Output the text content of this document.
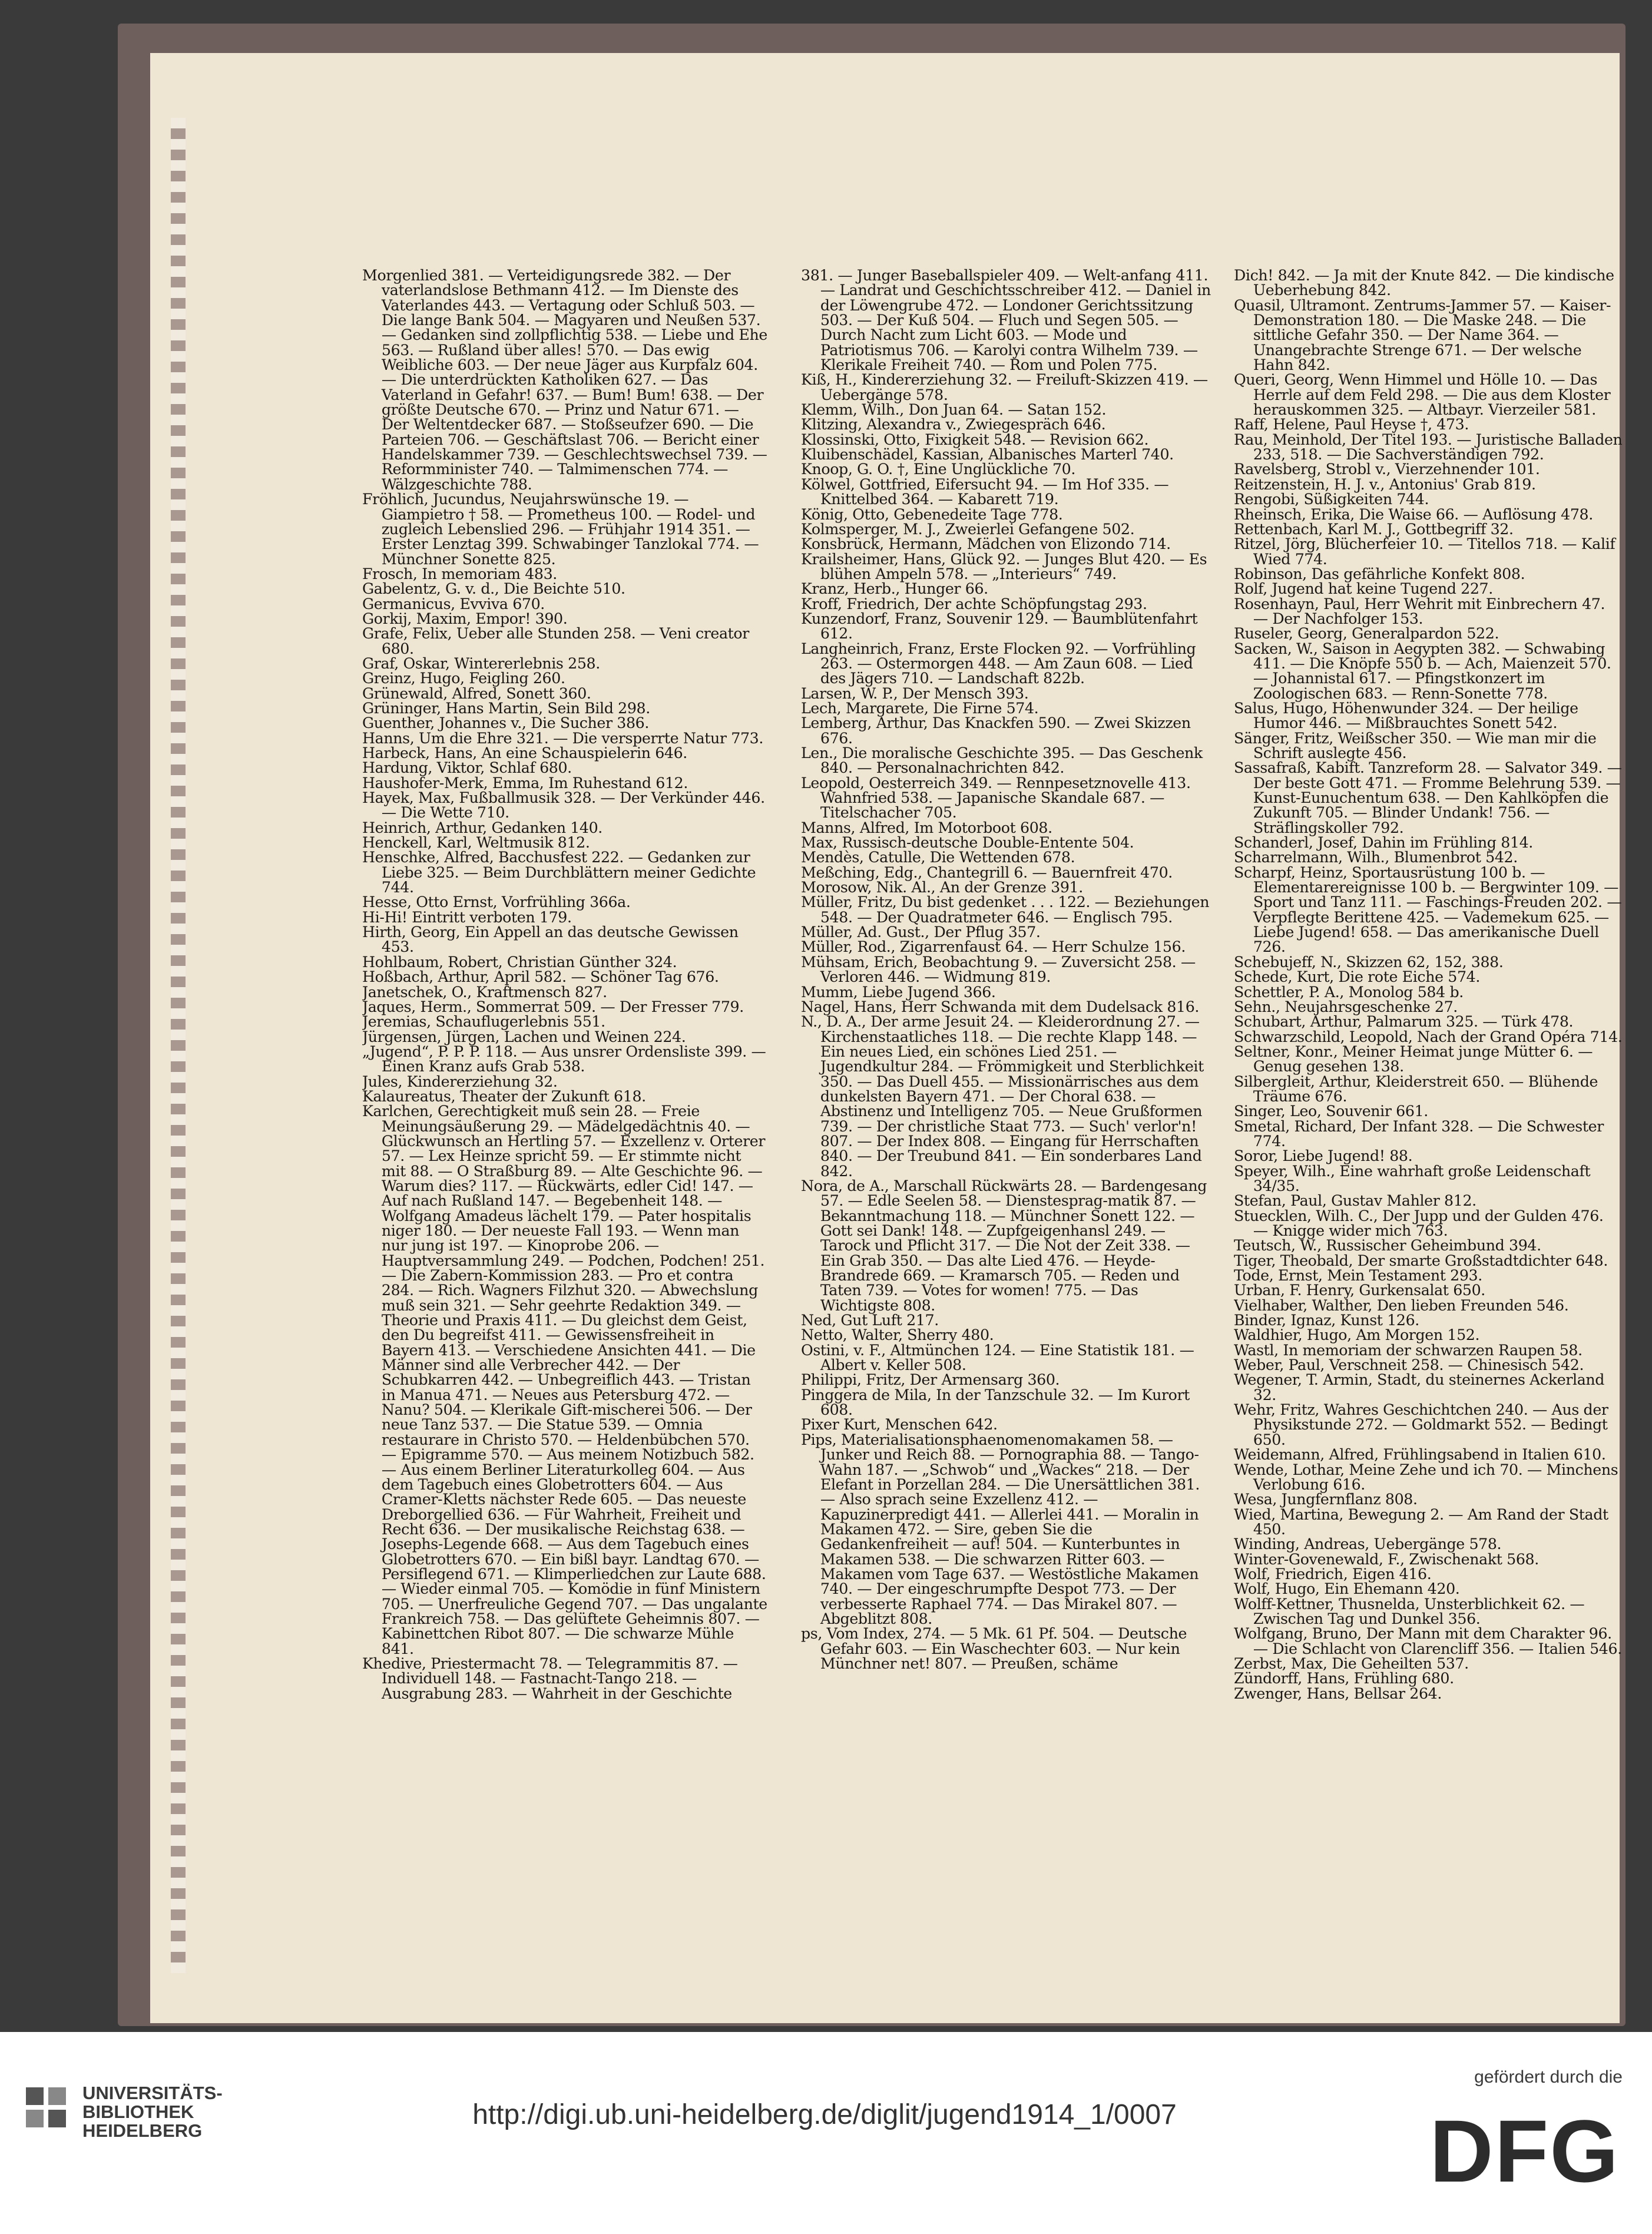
Morgenlied 381. — Verteidigungsrede 382. — Der vaterlandslose Bethmann 412. — Im Dienste des Vaterlandes 443. — Vertagung oder Schluß 503. — Die lange Bank 504. — Magyaren und Neußen 537. — Gedanken sind zollpflichtig 538. — Liebe und Ehe 563. — Rußland über alles! 570. — Das ewig Weibliche 603. — Der neue Jäger aus Kurpfalz 604. — Die unterdrückten Katholiken 627. — Das Vaterland in Gefahr! 637. — Bum! Bum! 638. — Der größte Deutsche 670. — Prinz und Natur 671. — Der Weltentdecker 687. — Stoßseufzer 690. — Die Parteien 706. — Geschäftslast 706. — Bericht einer Handelskammer 739. — Geschlechtswechsel 739. — Reformminister 740. — Talmimenschen 774. — Wälzgeschichte 788.

Fröhlich, Jucundus, Neujahrswünsche 19. — Giampietro † 58. — Prometheus 100. — Rodel- und zugleich Lebenslied 296. — Frühjahr 1914 351. — Erster Lenztag 399. Schwabinger Tanzlokal 774. — Münchner Sonette 825.

Frosch, In memoriam 483.

Gabelentz, G. v. d., Die Beichte 510.

Germanicus, Evviva 670.

Gorkij, Maxim, Empor! 390.

Grafe, Felix, Ueber alle Stunden 258. — Veni creator 680.

Graf, Oskar, Wintererlebnis 258.

Greinz, Hugo, Feigling 260.

Grünewald, Alfred, Sonett 360.

Grüninger, Hans Martin, Sein Bild 298.

Guenther, Johannes v., Die Sucher 386.

Hanns, Um die Ehre 321. — Die versperrte Natur 773.

Harbeck, Hans, An eine Schauspielerin 646.

Hardung, Viktor, Schlaf 680.

Haushofer-Merk, Emma, Im Ruhestand 612.

Hayek, Max, Fußballmusik 328. — Der Verkünder 446. — Die Wette 710.

Heinrich, Arthur, Gedanken 140.

Henckell, Karl, Weltmusik 812.

Henschke, Alfred, Bacchusfest 222. — Gedanken zur Liebe 325. — Beim Durchblättern meiner Gedichte 744.

Hesse, Otto Ernst, Vorfrühling 366a.

Hi-Hi! Eintritt verboten 179.

Hirth, Georg, Ein Appell an das deutsche Gewissen 453.

Hohlbaum, Robert, Christian Günther 324.

Hoßbach, Arthur, April 582. — Schöner Tag 676.

Janetschek, O., Kraftmensch 827.

Jaques, Herm., Sommerrat 509. — Der Fresser 779.

Jeremias, Schauflugerlebnis 551.

Jürgensen, Jürgen, Lachen und Weinen 224.

„Jugend“, P. P. P. 118. — Aus unsrer Ordensliste 399. — Einen Kranz aufs Grab 538.

Jules, Kindererziehung 32.

Kalaureatus, Theater der Zukunft 618.

Karlchen, Gerechtigkeit muß sein 28. — Freie Meinungsäußerung 29. — Mädelgedächtnis 40. — Glückwunsch an Hertling 57. — Exzellenz v. Orterer 57. — Lex Heinze spricht 59. — Er stimmte nicht mit 88. — O Straßburg 89. — Alte Geschichte 96. — Warum dies? 117. — Rückwärts, edler Cid! 147. — Auf nach Rußland 147. — Begebenheit 148. — Wolfgang Amadeus lächelt 179. — Pater hospitalis niger 180. — Der neueste Fall 193. — Wenn man nur jung ist 197. — Kinoprobe 206. — Hauptversammlung 249. — Podchen, Podchen! 251. — Die Zabern-Kommission 283. — Pro et contra 284. — Rich. Wagners Filzhut 320. — Abwechslung muß sein 321. — Sehr geehrte Redaktion 349. — Theorie und Praxis 411. — Du gleichst dem Geist, den Du begreifst 411. — Gewissensfreiheit in Bayern 413. — Verschiedene Ansichten 441. — Die Männer sind alle Verbrecher 442. — Der Schubkarren 442. — Unbegreiflich 443. — Tristan in Manua 471. — Neues aus Petersburg 472. — Nanu? 504. — Klerikale Gift-mischerei 506. — Der neue Tanz 537. — Die Statue 539. — Omnia restaurare in Christo 570. — Heldenbübchen 570. — Epigramme 570. — Aus meinem Notizbuch 582. — Aus einem Berliner Literaturkolleg 604. — Aus dem Tagebuch eines Globetrotters 604. — Aus Cramer-Kletts nächster Rede 605. — Das neueste Dreborgellied 636. — Für Wahrheit, Freiheit und Recht 636. — Der musikalische Reichstag 638. — Josephs-Legende 668. — Aus dem Tagebuch eines Globetrotters 670. — Ein bißl bayr. Landtag 670. — Persiflegend 671. — Klimperliedchen zur Laute 688. — Wieder einmal 705. — Komödie in fünf Ministern 705. — Unerfreuliche Gegend 707. — Das ungalante Frankreich 758. — Das gelüftete Geheimnis 807. — Kabinettchen Ribot 807. — Die schwarze Mühle 841.

Khedive, Priestermacht 78. — Telegrammitis 87. — Individuell 148. — Fastnacht-Tango 218. — Ausgrabung 283. — Wahrheit in der Geschichte

381. — Junger Baseballspieler 409. — Welt-anfang 411. — Landrat und Geschichtsschreiber 412. — Daniel in der Löwengrube 472. — Londoner Gerichtssitzung 503. — Der Kuß 504. — Fluch und Segen 505. — Durch Nacht zum Licht 603. — Mode und Patriotismus 706. — Karolyi contra Wilhelm 739. — Klerikale Freiheit 740. — Rom und Polen 775.

Kiß, H., Kindererziehung 32. — Freiluft-Skizzen 419. — Uebergänge 578.

Klemm, Wilh., Don Juan 64. — Satan 152.

Klitzing, Alexandra v., Zwiegespräch 646.

Klossinski, Otto, Fixigkeit 548. — Revision 662.

Kluibenschädel, Kassian, Albanisches Marterl 740.

Knoop, G. O. †, Eine Unglückliche 70.

Kölwel, Gottfried, Eifersucht 94. — Im Hof 335. — Knittelbed 364. — Kabarett 719.

König, Otto, Gebenedeite Tage 778.

Kolmsperger, M. J., Zweierlei Gefangene 502.

Konsbrück, Hermann, Mädchen von Elizondo 714.

Krailsheimer, Hans, Glück 92. — Junges Blut 420. — Es blühen Ampeln 578. — „Interieurs“ 749.

Kranz, Herb., Hunger 66.

Kroff, Friedrich, Der achte Schöpfungstag 293.

Kunzendorf, Franz, Souvenir 129. — Baumblütenfahrt 612.

Langheinrich, Franz, Erste Flocken 92. — Vorfrühling 263. — Ostermorgen 448. — Am Zaun 608. — Lied des Jägers 710. — Landschaft 822b.

Larsen, W. P., Der Mensch 393.

Lech, Margarete, Die Firne 574.

Lemberg, Arthur, Das Knackfen 590. — Zwei Skizzen 676.

Len., Die moralische Geschichte 395. — Das Geschenk 840. — Personalnachrichten 842.

Leopold, Oesterreich 349. — Rennpesetznovelle 413. Wahnfried 538. — Japanische Skandale 687. — Titelschacher 705.

Manns, Alfred, Im Motorboot 608.

Max, Russisch-deutsche Double-Entente 504.

Mendès, Catulle, Die Wettenden 678.

Meßching, Edg., Chantegrill 6. — Bauernfreit 470.

Morosow, Nik. Al., An der Grenze 391.

Müller, Fritz, Du bist gedenket . . . 122. — Beziehungen 548. — Der Quadratmeter 646. — Englisch 795.

Müller, Ad. Gust., Der Pflug 357.

Müller, Rod., Zigarrenfaust 64. — Herr Schulze 156.

Mühsam, Erich, Beobachtung 9. — Zuversicht 258. — Verloren 446. — Widmung 819.

Mumm, Liebe Jugend 366.

Nagel, Hans, Herr Schwanda mit dem Dudelsack 816.

N., D. A., Der arme Jesuit 24. — Kleiderordnung 27. — Kirchenstaatliches 118. — Die rechte Klapp 148. — Ein neues Lied, ein schönes Lied 251. — Jugendkultur 284. — Frömmigkeit und Sterblichkeit 350. — Das Duell 455. — Missionärrisches aus dem dunkelsten Bayern 471. — Der Choral 638. — Abstinenz und Intelligenz 705. — Neue Grußformen 739. — Der christliche Staat 773. — Such' verlor'n! 807. — Der Index 808. — Eingang für Herrschaften 840. — Der Treubund 841. — Ein sonderbares Land 842.

Nora, de A., Marschall Rückwärts 28. — Bardengesang 57. — Edle Seelen 58. — Dienstesprag-matik 87. — Bekanntmachung 118. — Münchner Sonett 122. — Gott sei Dank! 148. — Zupfgeigenhansl 249. — Tarock und Pflicht 317. — Die Not der Zeit 338. — Ein Grab 350. — Das alte Lied 476. — Heyde-Brandrede 669. — Kramarsch 705. — Reden und Taten 739. — Votes for women! 775. — Das Wichtigste 808.

Ned, Gut Luft 217.

Netto, Walter, Sherry 480.

Ostini, v. F., Altmünchen 124. — Eine Statistik 181. — Albert v. Keller 508.

Philippi, Fritz, Der Armensarg 360.

Pinggera de Mila, In der Tanzschule 32. — Im Kurort 608.

Pixer Kurt, Menschen 642.

Pips, Materialisationsphaenomenomakamen 58. — Junker und Reich 88. — Pornographia 88. — Tango-Wahn 187. — „Schwob“ und „Wackes“ 218. — Der Elefant in Porzellan 284. — Die Unersättlichen 381. — Also sprach seine Exzellenz 412. — Kapuzinerpredigt 441. — Allerlei 441. — Moralin in Makamen 472. — Sire, geben Sie die Gedankenfreiheit — auf! 504. — Kunterbuntes in Makamen 538. — Die schwarzen Ritter 603. — Makamen vom Tage 637. — Westöstliche Makamen 740. — Der eingeschrumpfte Despot 773. — Der verbesserte Raphael 774. — Das Mirakel 807. — Abgeblitzt 808.

ps, Vom Index, 274. — 5 Mk. 61 Pf. 504. — Deutsche Gefahr 603. — Ein Waschechter 603. — Nur kein Münchner net! 807. — Preußen, schäme

Dich! 842. — Ja mit der Knute 842. — Die kindische Ueberhebung 842.

Quasil, Ultramont. Zentrums-Jammer 57. — Kaiser-Demonstration 180. — Die Maske 248. — Die sittliche Gefahr 350. — Der Name 364. — Unangebrachte Strenge 671. — Der welsche Hahn 842.

Queri, Georg, Wenn Himmel und Hölle 10. — Das Herrle auf dem Feld 298. — Die aus dem Kloster herauskommen 325. — Altbayr. Vierzeiler 581.

Raff, Helene, Paul Heyse †, 473.

Rau, Meinhold, Der Titel 193. — Juristische Balladen 233, 518. — Die Sachverständigen 792.

Ravelsberg, Strobl v., Vierzehnender 101.

Reitzenstein, H. J. v., Antonius' Grab 819.

Rengobi, Süßigkeiten 744.

Rheinsch, Erika, Die Waise 66. — Auflösung 478.

Rettenbach, Karl M. J., Gottbegriff 32.

Ritzel, Jörg, Blücherfeier 10. — Titellos 718. — Kalif Wied 774.

Robinson, Das gefährliche Konfekt 808.

Rolf, Jugend hat keine Tugend 227.

Rosenhayn, Paul, Herr Wehrit mit Einbrechern 47. — Der Nachfolger 153.

Ruseler, Georg, Generalpardon 522.

Sacken, W., Saison in Aegypten 382. — Schwabing 411. — Die Knöpfe 550 b. — Ach, Maienzeit 570. — Johannistal 617. — Pfingstkonzert im Zoologischen 683. — Renn-Sonette 778.

Salus, Hugo, Höhenwunder 324. — Der heilige Humor 446. — Mißbrauchtes Sonett 542.

Sänger, Fritz, Weißscher 350. — Wie man mir die Schrift auslegte 456.

Sassafraß, Kabift. Tanzreform 28. — Salvator 349. — Der beste Gott 471. — Fromme Belehrung 539. — Kunst-Eunuchentum 638. — Den Kahlköpfen die Zukunft 705. — Blinder Undank! 756. — Sträflingskoller 792.

Schanderl, Josef, Dahin im Frühling 814.

Scharrelmann, Wilh., Blumenbrot 542.

Scharpf, Heinz, Sportausrüstung 100 b. — Elementarereignisse 100 b. — Bergwinter 109. — Sport und Tanz 111. — Faschings-Freuden 202. — Verpflegte Berittene 425. — Vademekum 625. — Liebe Jugend! 658. — Das amerikanische Duell 726.

Schebujeff, N., Skizzen 62, 152, 388.

Schede, Kurt, Die rote Eiche 574.

Schettler, P. A., Monolog 584 b.

Sehn., Neujahrsgeschenke 27.

Schubart, Arthur, Palmarum 325. — Türk 478.

Schwarzschild, Leopold, Nach der Grand Opéra 714.

Seltner, Konr., Meiner Heimat junge Mütter 6. — Genug gesehen 138.

Silbergleit, Arthur, Kleiderstreit 650. — Blühende Träume 676.

Singer, Leo, Souvenir 661.

Smetal, Richard, Der Infant 328. — Die Schwester 774.

Soror, Liebe Jugend! 88.

Speyer, Wilh., Eine wahrhaft große Leidenschaft 34/35.

Stefan, Paul, Gustav Mahler 812.

Stuecklen, Wilh. C., Der Jupp und der Gulden 476. — Knigge wider mich 763.

Teutsch, W., Russischer Geheimbund 394.

Tiger, Theobald, Der smarte Großstadtdichter 648.

Tode, Ernst, Mein Testament 293.

Urban, F. Henry, Gurkensalat 650.

Vielhaber, Walther, Den lieben Freunden 546.

Binder, Ignaz, Kunst 126.

Waldhier, Hugo, Am Morgen 152.

Wastl, In memoriam der schwarzen Raupen 58.

Weber, Paul, Verschneit 258. — Chinesisch 542.

Wegener, T. Armin, Stadt, du steinernes Ackerland 32.

Wehr, Fritz, Wahres Geschichtchen 240. — Aus der Physikstunde 272. — Goldmarkt 552. — Bedingt 650.

Weidemann, Alfred, Frühlingsabend in Italien 610.

Wende, Lothar, Meine Zehe und ich 70. — Minchens Verlobung 616.

Wesa, Jungfernflanz 808.

Wied, Martina, Bewegung 2. — Am Rand der Stadt 450.

Winding, Andreas, Uebergänge 578.

Winter-Govenewald, F., Zwischenakt 568.

Wolf, Friedrich, Eigen 416.

Wolf, Hugo, Ein Ehemann 420.

Wolff-Kettner, Thusnelda, Unsterblichkeit 62. — Zwischen Tag und Dunkel 356.

Wolfgang, Bruno, Der Mann mit dem Charakter 96. — Die Schlacht von Clarencliff 356. — Italien 546.

Zerbst, Max, Die Geheilten 537.

Zündorff, Hans, Frühling 680.

Zwenger, Hans, Bellsar 264.

UNIVERSITÄTS-
BIBLIOTHEK
HEIDELBERG
http://digi.ub.uni-heidelberg.de/diglit/jugend1914_1/0007
gefördert durch die
DFG
